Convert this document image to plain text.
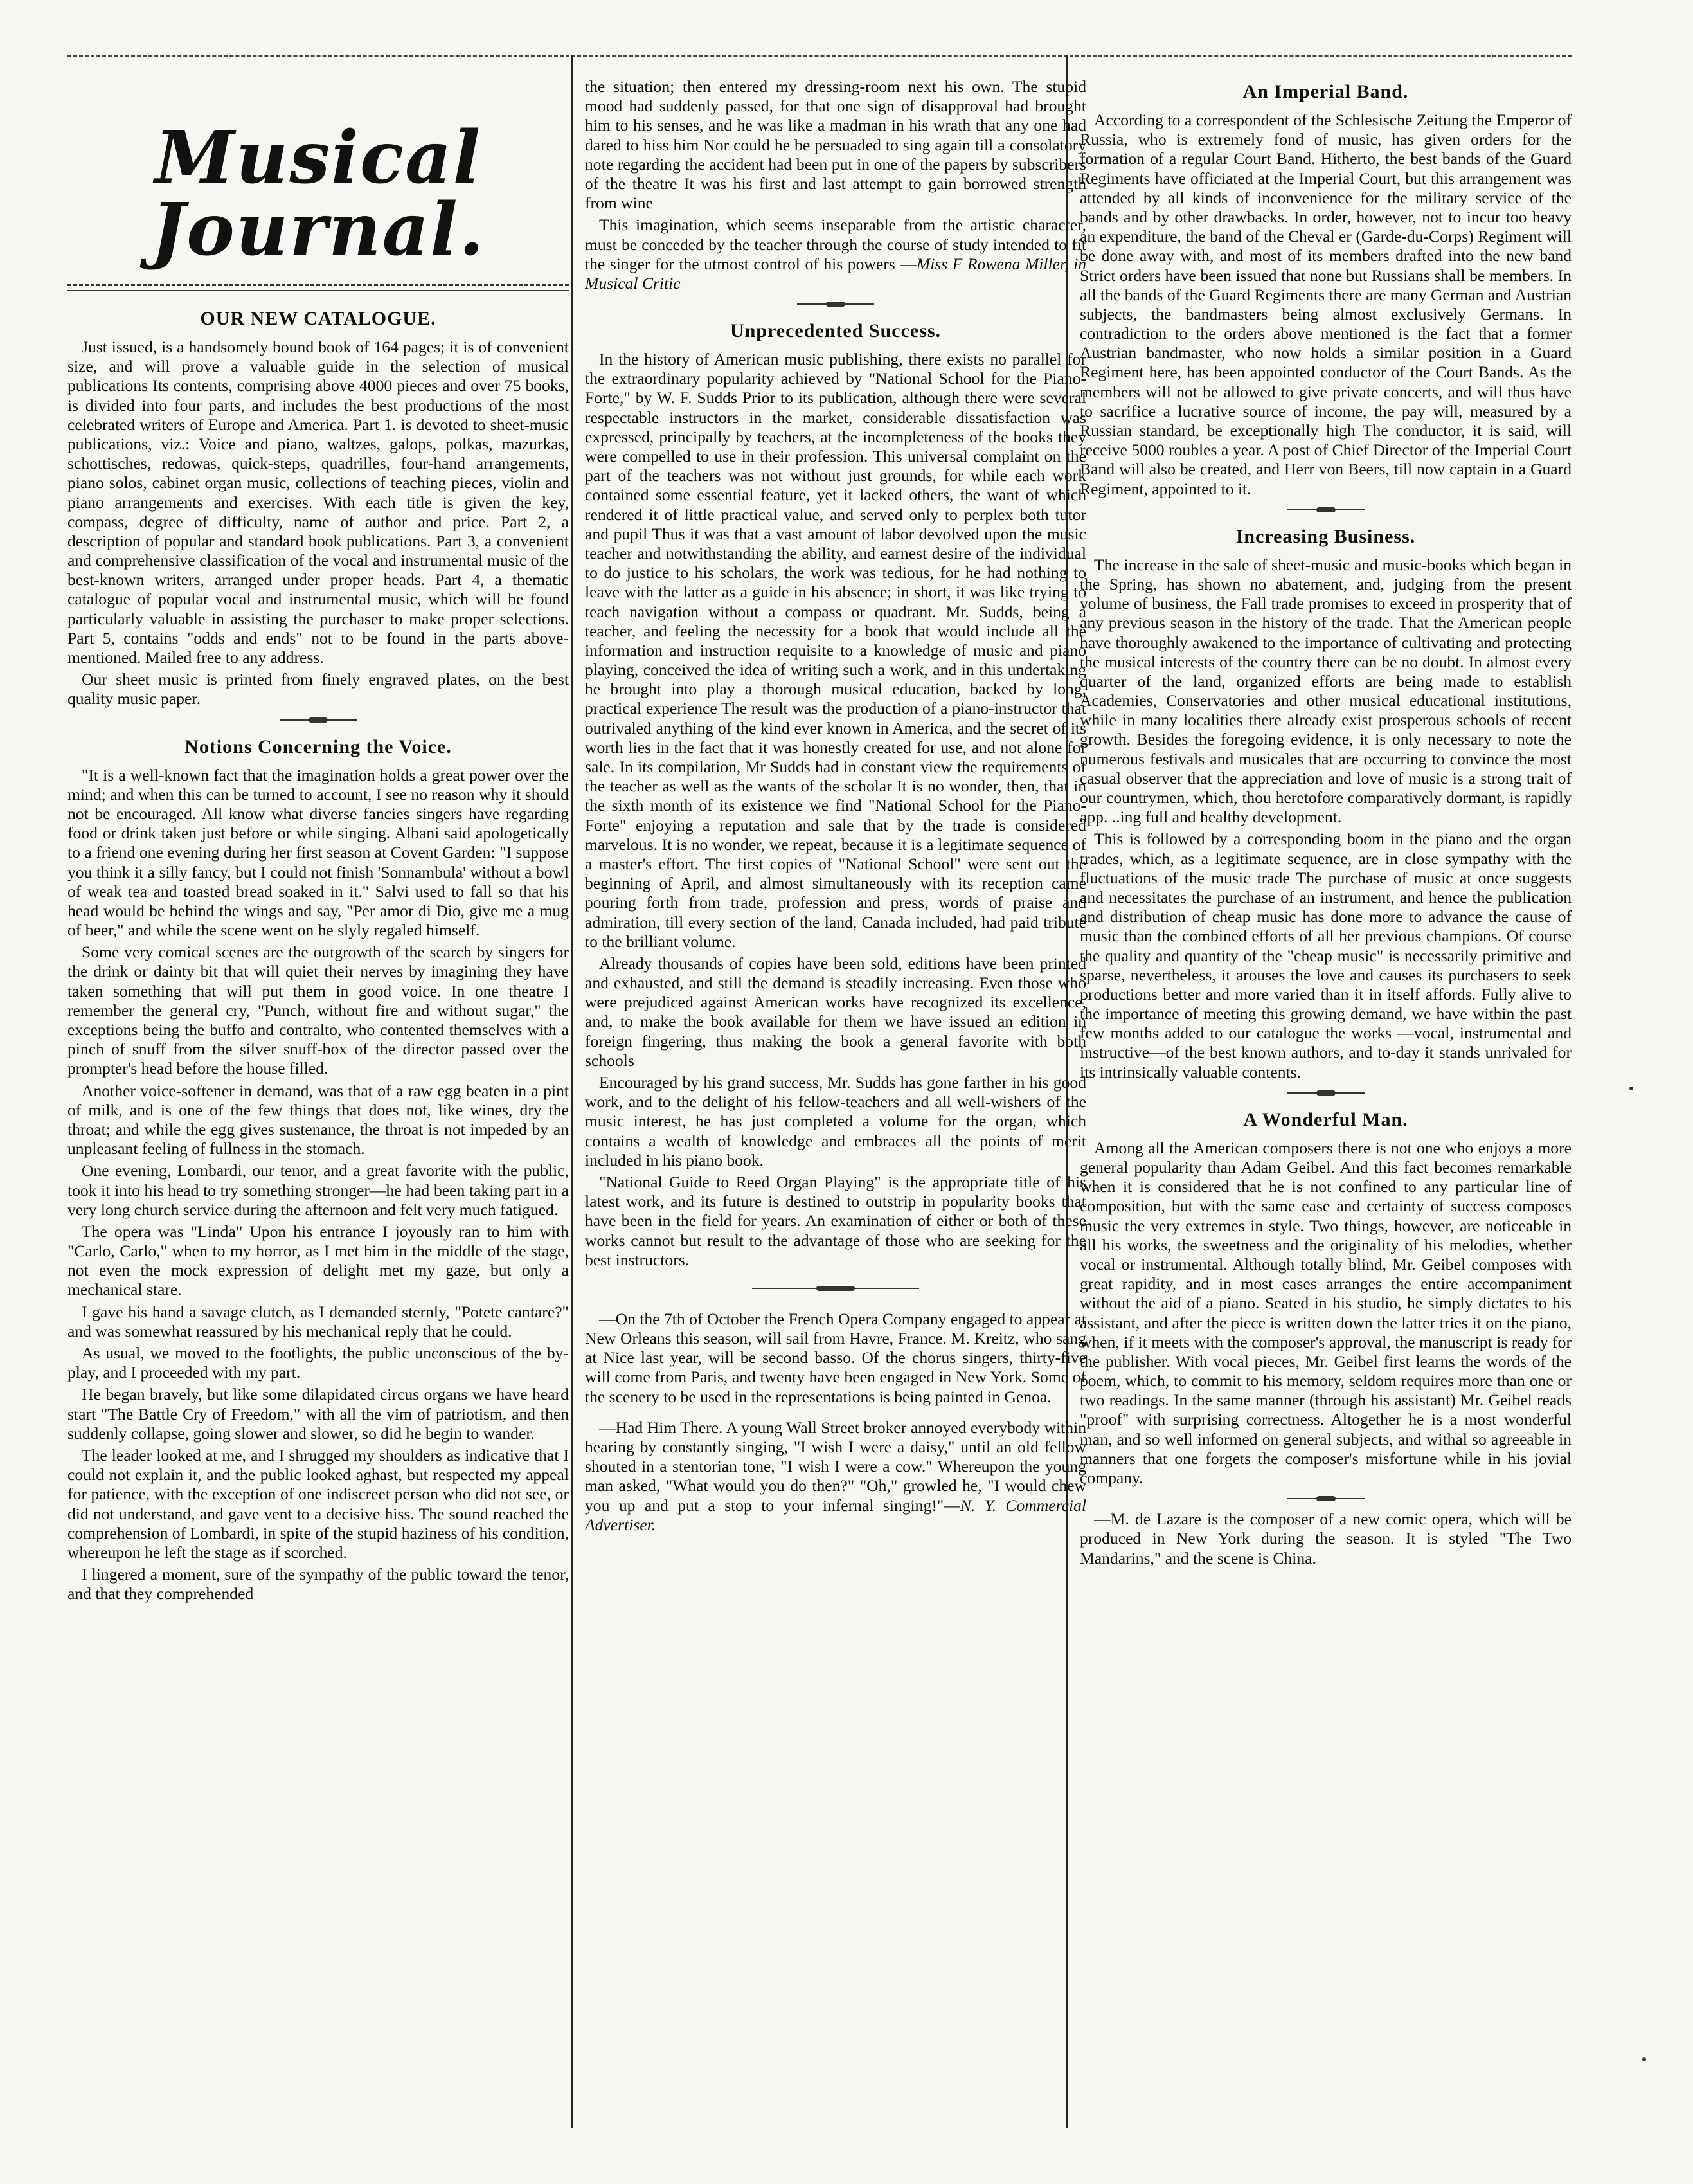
Musical Journal.
OUR NEW CATALOGUE.

Just issued, is a handsomely bound book of 164 pages; it is of convenient size, and will prove a valuable guide in the selection of musical publications Its contents, comprising above 4000 pieces and over 75 books, is divided into four parts, and includes the best productions of the most celebrated writers of Europe and America. Part 1. is devoted to sheet-music publications, viz.: Voice and piano, waltzes, galops, polkas, mazurkas, schottisches, redowas, quick-steps, quadrilles, four-hand arrangements, piano solos, cabinet organ music, collections of teaching pieces, violin and piano arrangements and exercises. With each title is given the key, compass, degree of difficulty, name of author and price. Part 2, a description of popular and standard book publications. Part 3, a convenient and comprehensive classification of the vocal and instrumental music of the best-known writers, arranged under proper heads. Part 4, a thematic catalogue of popular vocal and instrumental music, which will be found particularly valuable in assisting the purchaser to make proper selections. Part 5, contains "odds and ends" not to be found in the parts above-mentioned. Mailed free to any address.

Our sheet music is printed from finely engraved plates, on the best quality music paper.

Notions Concerning the Voice.

"It is a well-known fact that the imagination holds a great power over the mind; and when this can be turned to account, I see no reason why it should not be encouraged. All know what diverse fancies singers have regarding food or drink taken just before or while singing. Albani said apologetically to a friend one evening during her first season at Covent Garden: "I suppose you think it a silly fancy, but I could not finish 'Sonnambula' without a bowl of weak tea and toasted bread soaked in it." Salvi used to fall so that his head would be behind the wings and say, "Per amor di Dio, give me a mug of beer," and while the scene went on he slyly regaled himself.

Some very comical scenes are the outgrowth of the search by singers for the drink or dainty bit that will quiet their nerves by imagining they have taken something that will put them in good voice. In one theatre I remember the general cry, "Punch, without fire and without sugar," the exceptions being the buffo and contralto, who contented themselves with a pinch of snuff from the silver snuff-box of the director passed over the prompter's head before the house filled.

Another voice-softener in demand, was that of a raw egg beaten in a pint of milk, and is one of the few things that does not, like wines, dry the throat; and while the egg gives sustenance, the throat is not impeded by an unpleasant feeling of fullness in the stomach.

One evening, Lombardi, our tenor, and a great favorite with the public, took it into his head to try something stronger—he had been taking part in a very long church service during the afternoon and felt very much fatigued.

The opera was "Linda" Upon his entrance I joyously ran to him with "Carlo, Carlo," when to my horror, as I met him in the middle of the stage, not even the mock expression of delight met my gaze, but only a mechanical stare.

I gave his hand a savage clutch, as I demanded sternly, "Potete cantare?" and was somewhat reassured by his mechanical reply that he could.

As usual, we moved to the footlights, the public unconscious of the by-play, and I proceeded with my part.

He began bravely, but like some dilapidated circus organs we have heard start "The Battle Cry of Freedom," with all the vim of patriotism, and then suddenly collapse, going slower and slower, so did he begin to wander.

The leader looked at me, and I shrugged my shoulders as indicative that I could not explain it, and the public looked aghast, but respected my appeal for patience, with the exception of one indiscreet person who did not see, or did not understand, and gave vent to a decisive hiss. The sound reached the comprehension of Lombardi, in spite of the stupid haziness of his condition, whereupon he left the stage as if scorched.

I lingered a moment, sure of the sympathy of the public toward the tenor, and that they comprehended

the situation; then entered my dressing-room next his own. The stupid mood had suddenly passed, for that one sign of disapproval had brought him to his senses, and he was like a madman in his wrath that any one had dared to hiss him Nor could he be persuaded to sing again till a consolatory note regarding the accident had been put in one of the papers by subscribers of the theatre It was his first and last attempt to gain borrowed strength from wine

This imagination, which seems inseparable from the artistic character, must be conceded by the teacher through the course of study intended to fit the singer for the utmost control of his powers —Miss F Rowena Miller, in Musical Critic

Unprecedented Success.

In the history of American music publishing, there exists no parallel for the extraordinary popularity achieved by "National School for the Piano-Forte," by W. F. Sudds Prior to its publication, although there were several respectable instructors in the market, considerable dissatisfaction was expressed, principally by teachers, at the incompleteness of the books they were compelled to use in their profession. This universal complaint on the part of the teachers was not without just grounds, for while each work contained some essential feature, yet it lacked others, the want of which rendered it of little practical value, and served only to perplex both tutor and pupil Thus it was that a vast amount of labor devolved upon the music teacher and notwithstanding the ability, and earnest desire of the individual to do justice to his scholars, the work was tedious, for he had nothing to leave with the latter as a guide in his absence; in short, it was like trying to teach navigation without a compass or quadrant. Mr. Sudds, being a teacher, and feeling the necessity for a book that would include all the information and instruction requisite to a knowledge of music and piano playing, conceived the idea of writing such a work, and in this undertaking he brought into play a thorough musical education, backed by long, practical experience The result was the production of a piano-instructor that outrivaled anything of the kind ever known in America, and the secret of its worth lies in the fact that it was honestly created for use, and not alone for sale. In its compilation, Mr Sudds had in constant view the requirements of the teacher as well as the wants of the scholar It is no wonder, then, that in the sixth month of its existence we find "National School for the Piano-Forte" enjoying a reputation and sale that by the trade is considered marvelous. It is no wonder, we repeat, because it is a legitimate sequence of a master's effort. The first copies of "National School" were sent out the beginning of April, and almost simultaneously with its reception came pouring forth from trade, profession and press, words of praise and admiration, till every section of the land, Canada included, had paid tribute to the brilliant volume.

Already thousands of copies have been sold, editions have been printed and exhausted, and still the demand is steadily increasing. Even those who were prejudiced against American works have recognized its excellence, and, to make the book available for them we have issued an edition in foreign fingering, thus making the book a general favorite with both schools

Encouraged by his grand success, Mr. Sudds has gone farther in his good work, and to the delight of his fellow-teachers and all well-wishers of the music interest, he has just completed a volume for the organ, which contains a wealth of knowledge and embraces all the points of merit included in his piano book.

"National Guide to Reed Organ Playing" is the appropriate title of his latest work, and its future is destined to outstrip in popularity books that have been in the field for years. An examination of either or both of these works cannot but result to the advantage of those who are seeking for the best instructors.

—On the 7th of October the French Opera Company engaged to appear at New Orleans this season, will sail from Havre, France. M. Kreitz, who sang at Nice last year, will be second basso. Of the chorus singers, thirty-five will come from Paris, and twenty have been engaged in New York. Some of the scenery to be used in the representations is being painted in Genoa.

—Had Him There. A young Wall Street broker annoyed everybody within hearing by constantly singing, "I wish I were a daisy," until an old fellow shouted in a stentorian tone, "I wish I were a cow." Whereupon the young man asked, "What would you do then?" "Oh," growled he, "I would chew you up and put a stop to your infernal singing!"—N. Y. Commercial Advertiser.

An Imperial Band.

According to a correspondent of the Schlesische Zeitung the Emperor of Russia, who is extremely fond of music, has given orders for the formation of a regular Court Band. Hitherto, the best bands of the Guard Regiments have officiated at the Imperial Court, but this arrangement was attended by all kinds of inconvenience for the military service of the bands and by other drawbacks. In order, however, not to incur too heavy an expenditure, the band of the Cheval er (Garde-du-Corps) Regiment will be done away with, and most of its members drafted into the new band Strict orders have been issued that none but Russians shall be members. In all the bands of the Guard Regiments there are many German and Austrian subjects, the bandmasters being almost exclusively Germans. In contradiction to the orders above mentioned is the fact that a former Austrian bandmaster, who now holds a similar position in a Guard Regiment here, has been appointed conductor of the Court Bands. As the members will not be allowed to give private concerts, and will thus have to sacrifice a lucrative source of income, the pay will, measured by a Russian standard, be exceptionally high The conductor, it is said, will receive 5000 roubles a year. A post of Chief Director of the Imperial Court Band will also be created, and Herr von Beers, till now captain in a Guard Regiment, appointed to it.

Increasing Business.

The increase in the sale of sheet-music and music-books which began in the Spring, has shown no abatement, and, judging from the present volume of business, the Fall trade promises to exceed in prosperity that of any previous season in the history of the trade. That the American people have thoroughly awakened to the importance of cultivating and protecting the musical interests of the country there can be no doubt. In almost every quarter of the land, organized efforts are being made to establish Academies, Conservatories and other musical educational institutions, while in many localities there already exist prosperous schools of recent growth. Besides the foregoing evidence, it is only necessary to note the numerous festivals and musicales that are occurring to convince the most casual observer that the appreciation and love of music is a strong trait of our countrymen, which, thou heretofore comparatively dormant, is rapidly app. ..ing full and healthy development.

This is followed by a corresponding boom in the piano and the organ trades, which, as a legitimate sequence, are in close sympathy with the fluctuations of the music trade The purchase of music at once suggests and necessitates the purchase of an instrument, and hence the publication and distribution of cheap music has done more to advance the cause of music than the combined efforts of all her previous champions. Of course the quality and quantity of the "cheap music" is necessarily primitive and sparse, nevertheless, it arouses the love and causes its purchasers to seek productions better and more varied than it in itself affords. Fully alive to the importance of meeting this growing demand, we have within the past few months added to our catalogue the works —vocal, instrumental and instructive—of the best known authors, and to-day it stands unrivaled for its intrinsically valuable contents.

A Wonderful Man.

Among all the American composers there is not one who enjoys a more general popularity than Adam Geibel. And this fact becomes remarkable when it is considered that he is not confined to any particular line of composition, but with the same ease and certainty of success composes music the very extremes in style. Two things, however, are noticeable in all his works, the sweetness and the originality of his melodies, whether vocal or instrumental. Although totally blind, Mr. Geibel composes with great rapidity, and in most cases arranges the entire accompaniment without the aid of a piano. Seated in his studio, he simply dictates to his assistant, and after the piece is written down the latter tries it on the piano, when, if it meets with the composer's approval, the manuscript is ready for the publisher. With vocal pieces, Mr. Geibel first learns the words of the poem, which, to commit to his memory, seldom requires more than one or two readings. In the same manner (through his assistant) Mr. Geibel reads "proof" with surprising correctness. Altogether he is a most wonderful man, and so well informed on general subjects, and withal so agreeable in manners that one forgets the composer's misfortune while in his jovial company.

—M. de Lazare is the composer of a new comic opera, which will be produced in New York during the season. It is styled "The Two Mandarins," and the scene is China.
